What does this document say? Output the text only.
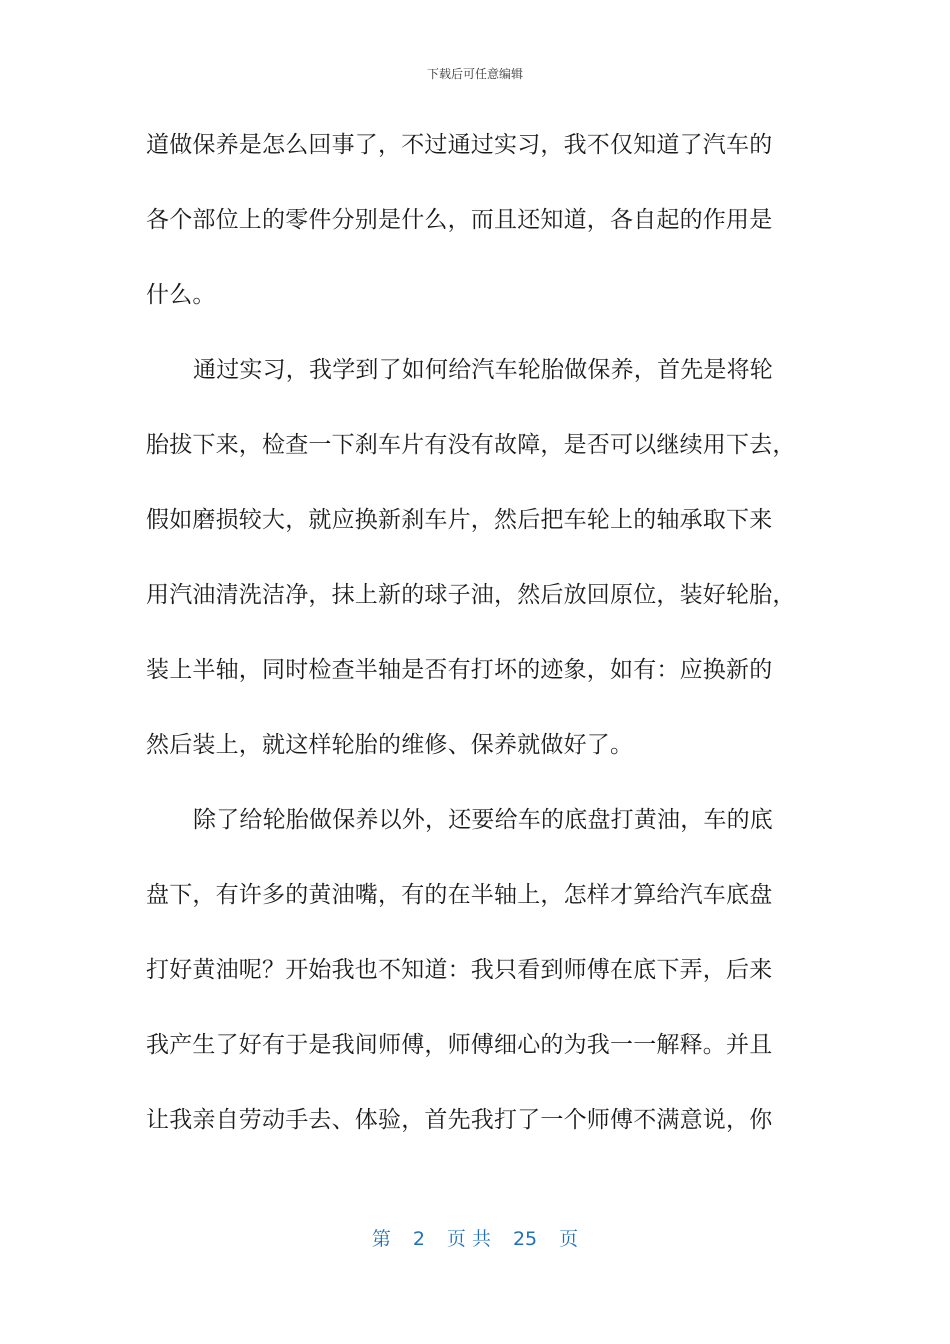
下载后可任意编辑
道做保养是怎么回事了，不过通过实习，我不仅知道了汽车的
各个部位上的零件分别是什么，而且还知道，各自起的作用是
什么。
通过实习，我学到了如何给汽车轮胎做保养，首先是将轮
胎拔下来，检查一下刹车片有没有故障，是否可以继续用下去，
假如磨损较大，就应换新刹车片，然后把车轮上的轴承取下来
用汽油清洗洁净，抹上新的球子油，然后放回原位，装好轮胎，
装上半轴，同时检查半轴是否有打坏的迹象，如有：应换新的
然后装上，就这样轮胎的维修、保养就做好了。
除了给轮胎做保养以外，还要给车的底盘打黄油，车的底
盘下，有许多的黄油嘴，有的在半轴上，怎样才算给汽车底盘
打好黄油呢？开始我也不知道：我只看到师傅在底下弄，后来
我产生了好有于是我间师傅，师傅细心的为我一一解释。并且
让我亲自劳动手去、体验，首先我打了一个师傅不满意说，你
第 2 页 共 25 页
